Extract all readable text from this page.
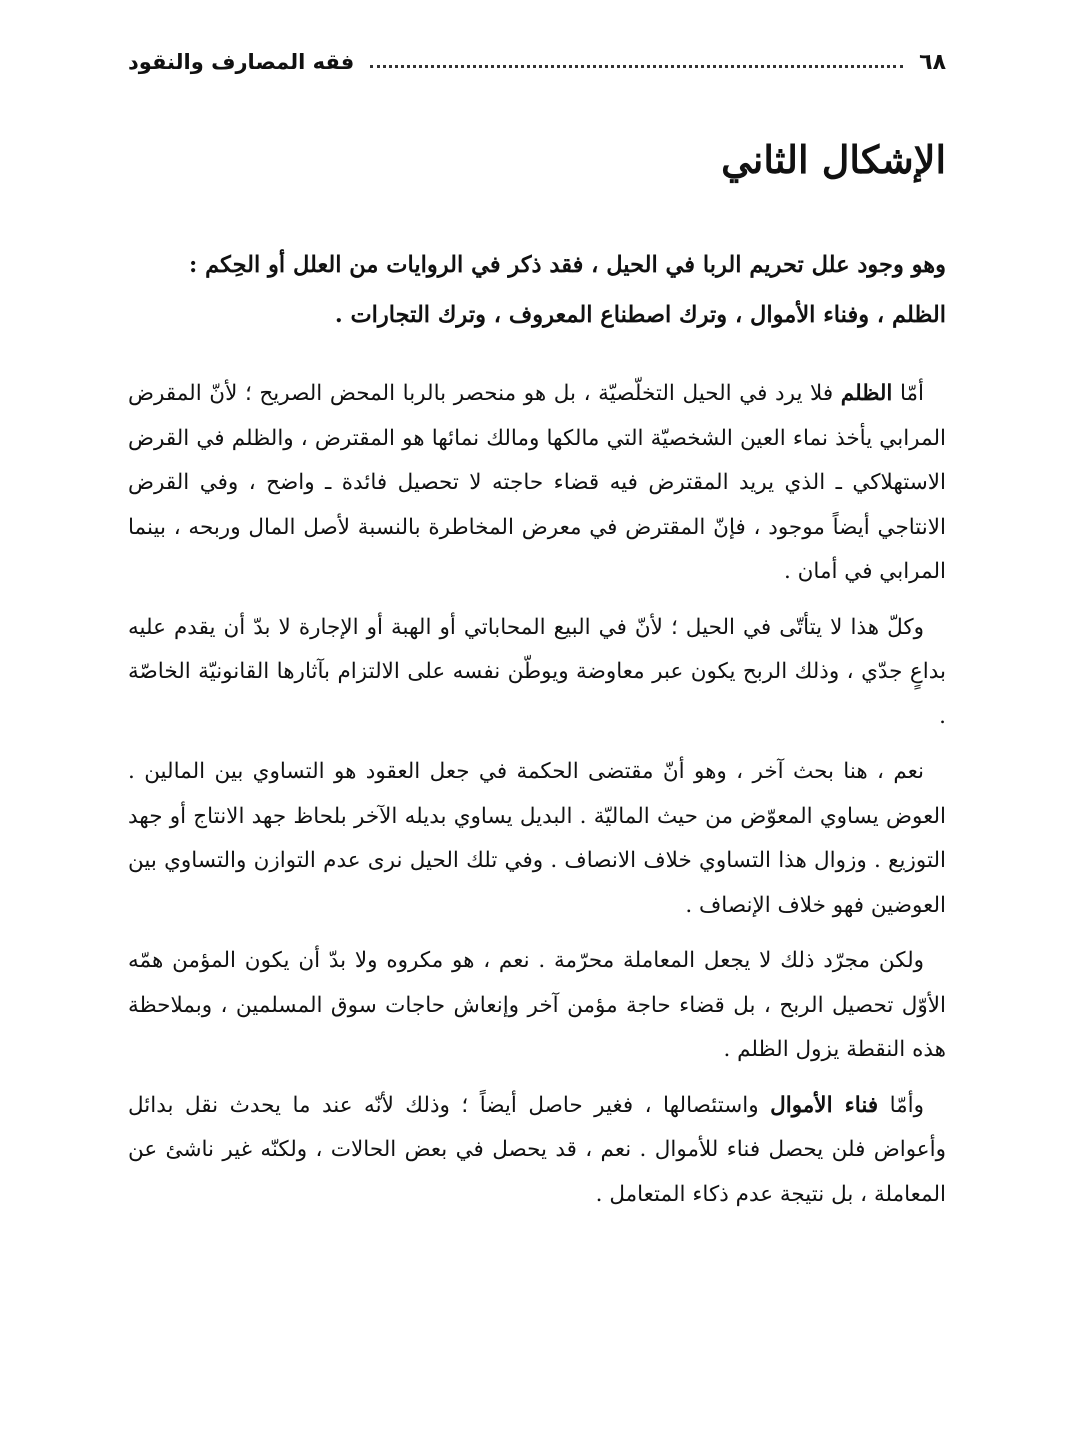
٦٨
فقه المصارف والنقود
الإشكال الثاني

وهو وجود علل تحريم الربا في الحيل ، فقد ذكر في الروايات من العلل أو الحِكم :

الظلم ، وفناء الأموال ، وترك اصطناع المعروف ، وترك التجارات .

أمّا الظلم فلا يرد في الحيل التخلّصيّة ، بل هو منحصر بالربا المحض الصريح ؛ لأنّ المقرض المرابي يأخذ نماء العين الشخصيّة التي مالكها ومالك نمائها هو المقترض ، والظلم في القرض الاستهلاكي ـ الذي يريد المقترض فيه قضاء حاجته لا تحصيل فائدة ـ واضح ، وفي القرض الانتاجي أيضاً موجود ، فإنّ المقترض في معرض المخاطرة بالنسبة لأصل المال وربحه ، بينما المرابي في أمان .

وكلّ هذا لا يتأتّى في الحيل ؛ لأنّ في البيع المحاباتي أو الهبة أو الإجارة لا بدّ أن يقدم عليه بداعٍ جدّي ، وذلك الربح يكون عبر معاوضة ويوطّن نفسه على الالتزام بآثارها القانونيّة الخاصّة .

نعم ، هنا بحث آخر ، وهو أنّ مقتضى الحكمة في جعل العقود هو التساوي بين المالين . العوض يساوي المعوّض من حيث الماليّة . البديل يساوي بديله الآخر بلحاظ جهد الانتاج أو جهد التوزيع . وزوال هذا التساوي خلاف الانصاف . وفي تلك الحيل نرى عدم التوازن والتساوي بين العوضين فهو خلاف الإنصاف .

ولكن مجرّد ذلك لا يجعل المعاملة محرّمة . نعم ، هو مكروه ولا بدّ أن يكون المؤمن همّه الأوّل تحصيل الربح ، بل قضاء حاجة مؤمن آخر وإنعاش حاجات سوق المسلمين ، وبملاحظة هذه النقطة يزول الظلم .

وأمّا فناء الأموال واستئصالها ، فغير حاصل أيضاً ؛ وذلك لأنّه عند ما يحدث نقل بدائل وأعواض فلن يحصل فناء للأموال . نعم ، قد يحصل في بعض الحالات ، ولكنّه غير ناشئ عن المعاملة ، بل نتيجة عدم ذكاء المتعامل .
